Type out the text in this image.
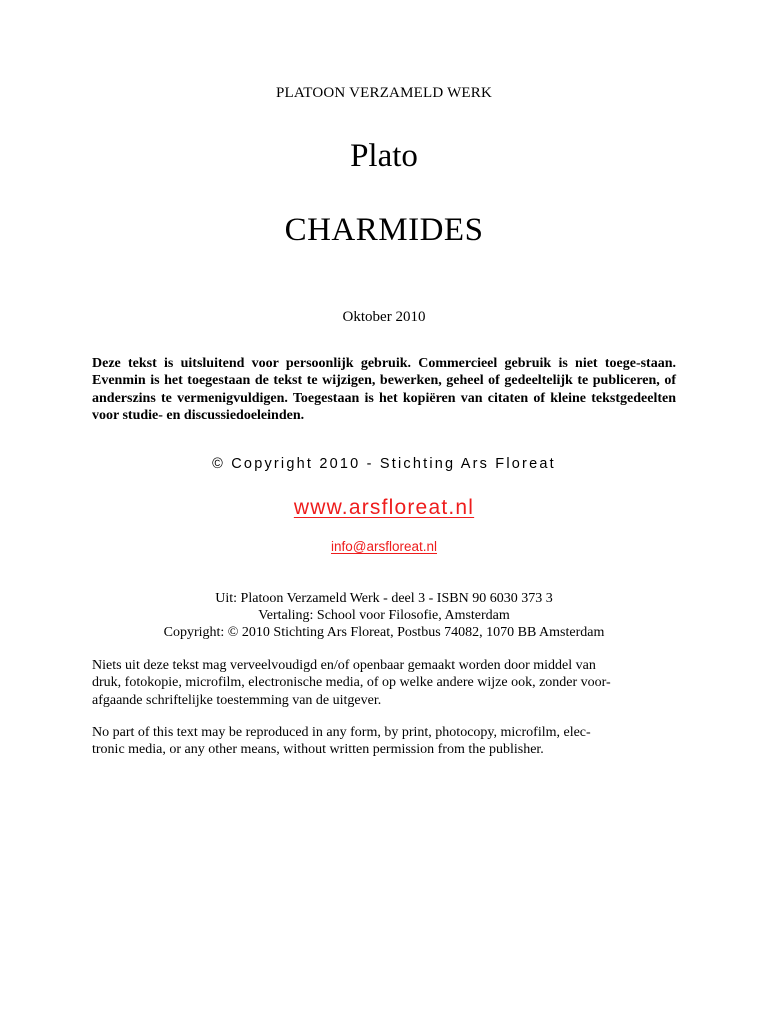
PLATOON VERZAMELD WERK
Plato
CHARMIDES
Oktober 2010

Deze tekst is uitsluitend voor persoonlijk gebruik. Commercieel gebruik is niet toege-staan. Evenmin is het toegestaan de tekst te wijzigen, bewerken, geheel of gedeeltelijk te publiceren, of anderszins te vermenigvuldigen. Toegestaan is het kopiëren van citaten of kleine tekstgedeelten voor studie- en discussiedoeleinden.

© Copyright 2010 - Stichting Ars Floreat
www.arsfloreat.nl
info@arsfloreat.nl
Uit: Platoon Verzameld Werk - deel 3 - ISBN 90 6030 373 3
Vertaling: School voor Filosofie, Amsterdam
Copyright: © 2010 Stichting Ars Floreat, Postbus 74082, 1070 BB Amsterdam

Niets uit deze tekst mag verveelvoudigd en/of openbaar gemaakt worden door middel van
druk, fotokopie, microfilm, electronische media, of op welke andere wijze ook, zonder voor-
afgaande schriftelijke toestemming van de uitgever.

No part of this text may be reproduced in any form, by print, photocopy, microfilm, elec-
tronic media, or any other means, without written permission from the publisher.
